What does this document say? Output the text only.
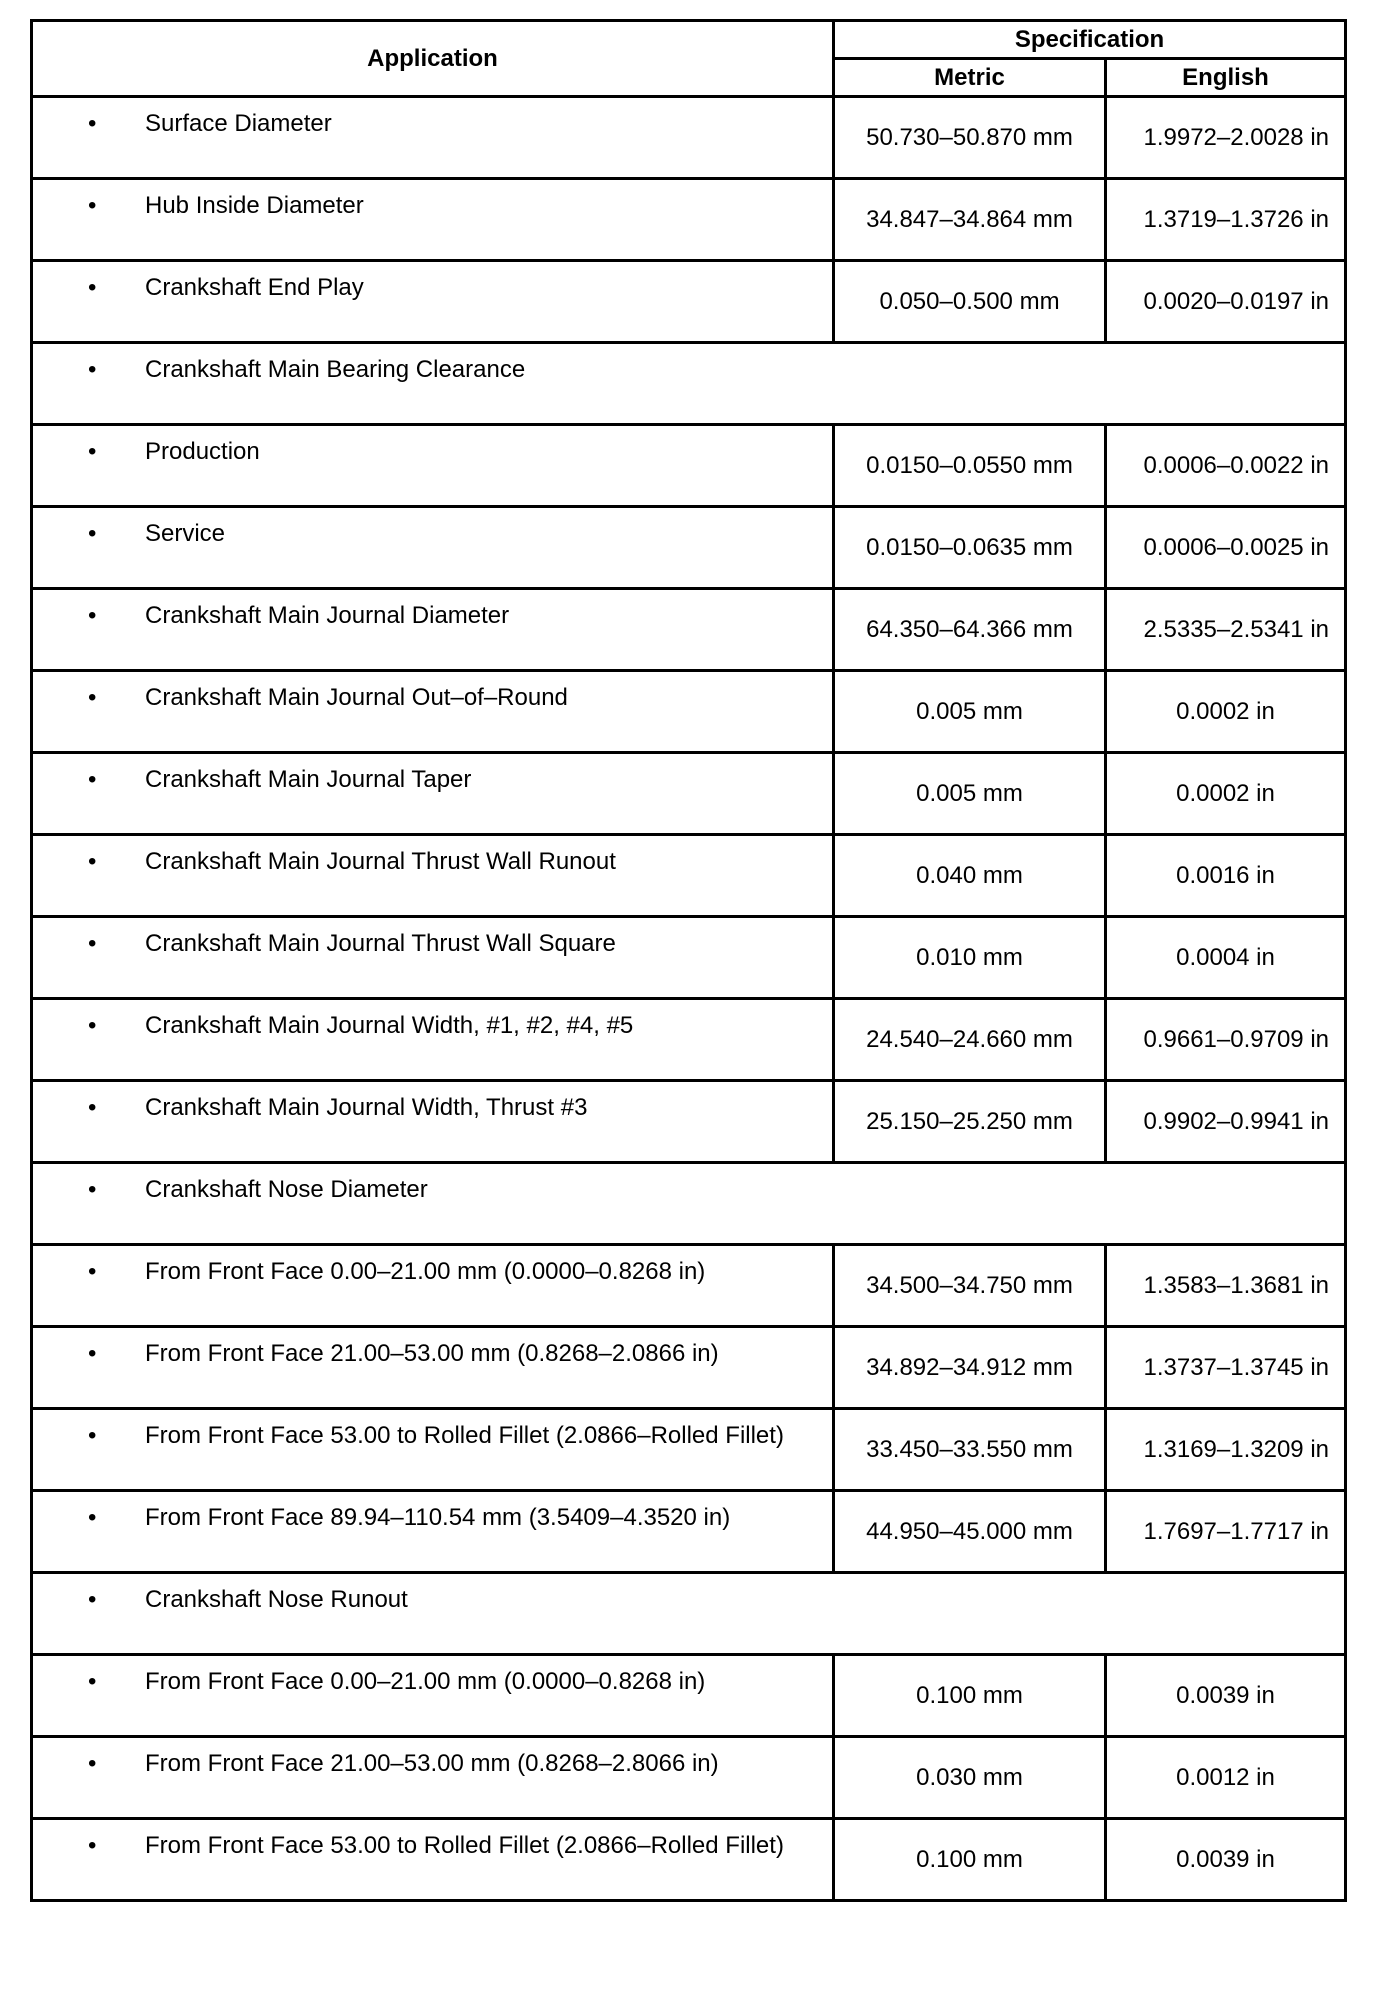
Application	Specification	
	Metric	English

• Surface Diameter	50.730–50.870 mm	1.9972–2.0028 in

• Hub Inside Diameter	34.847–34.864 mm	1.3719–1.3726 in

• Crankshaft End Play	0.050–0.500 mm	0.0020–0.0197 in

• Crankshaft Main Bearing Clearance		

• Production	0.0150–0.0550 mm	0.0006–0.0022 in

• Service	0.0150–0.0635 mm	0.0006–0.0025 in

• Crankshaft Main Journal Diameter	64.350–64.366 mm	2.5335–2.5341 in

• Crankshaft Main Journal Out–of–Round	0.005 mm	0.0002 in

• Crankshaft Main Journal Taper	0.005 mm	0.0002 in

• Crankshaft Main Journal Thrust Wall Runout	0.040 mm	0.0016 in

• Crankshaft Main Journal Thrust Wall Square	0.010 mm	0.0004 in

• Crankshaft Main Journal Width, #1, #2, #4, #5	24.540–24.660 mm	0.9661–0.9709 in

• Crankshaft Main Journal Width, Thrust #3	25.150–25.250 mm	0.9902–0.9941 in

• Crankshaft Nose Diameter		

• From Front Face 0.00–21.00 mm (0.0000–0.8268 in)	34.500–34.750 mm	1.3583–1.3681 in

• From Front Face 21.00–53.00 mm (0.8268–2.0866 in)	34.892–34.912 mm	1.3737–1.3745 in

• From Front Face 53.00 to Rolled Fillet (2.0866–Rolled Fillet)	33.450–33.550 mm	1.3169–1.3209 in

• From Front Face 89.94–110.54 mm (3.5409–4.3520 in)	44.950–45.000 mm	1.7697–1.7717 in

• Crankshaft Nose Runout		

• From Front Face 0.00–21.00 mm (0.0000–0.8268 in)	0.100 mm	0.0039 in

• From Front Face 21.00–53.00 mm (0.8268–2.8066 in)	0.030 mm	0.0012 in

• From Front Face 53.00 to Rolled Fillet (2.0866–Rolled Fillet)	0.100 mm	0.0039 in
